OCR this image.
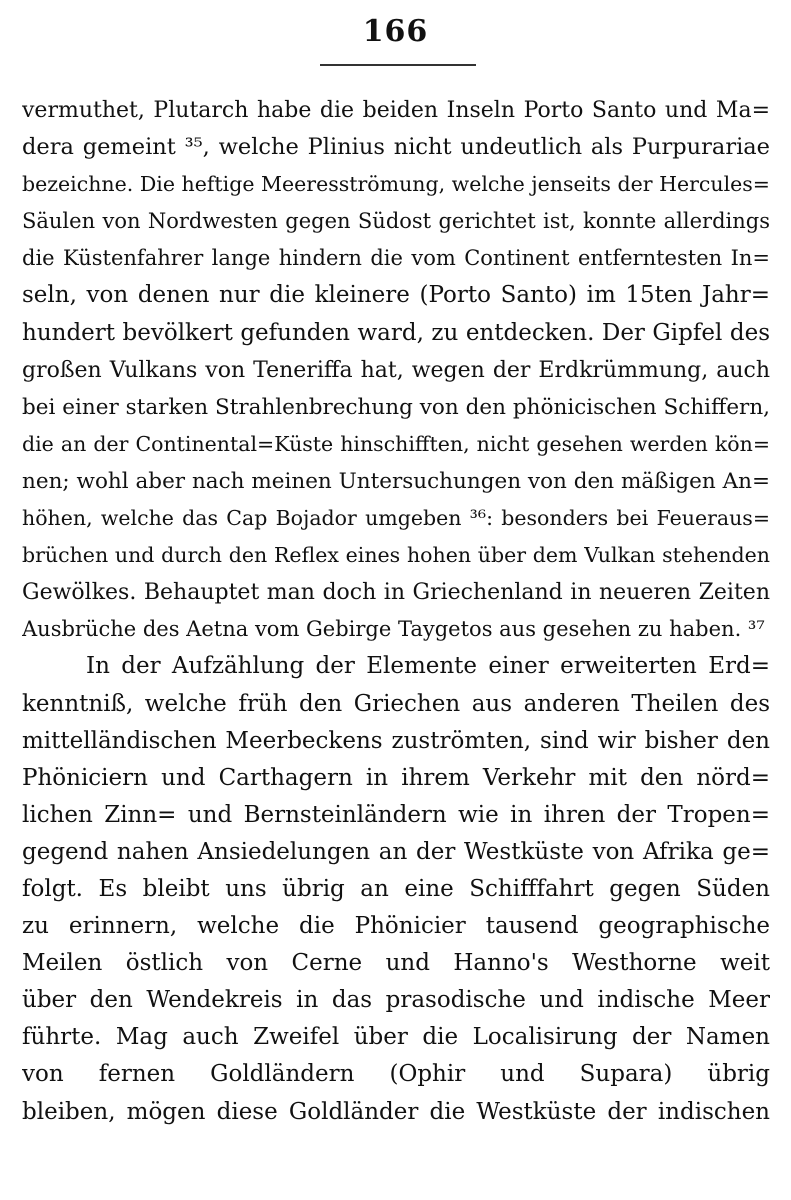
166
vermuthet, Plutarch habe die beiden Inseln Porto Santo und Ma=
dera gemeint ³⁵, welche Plinius nicht undeutlich als Purpurariae
bezeichne. Die heftige Meeresströmung, welche jenseits der Hercules=
Säulen von Nordwesten gegen Südost gerichtet ist, konnte allerdings
die Küstenfahrer lange hindern die vom Continent entferntesten In=
seln, von denen nur die kleinere (Porto Santo) im 15ten Jahr=
hundert bevölkert gefunden ward, zu entdecken. Der Gipfel des
großen Vulkans von Teneriffa hat, wegen der Erdkrümmung, auch
bei einer starken Strahlenbrechung von den phönicischen Schiffern,
die an der Continental=Küste hinschifften, nicht gesehen werden kön=
nen; wohl aber nach meinen Untersuchungen von den mäßigen An=
höhen, welche das Cap Bojador umgeben ³⁶: besonders bei Feueraus=
brüchen und durch den Reflex eines hohen über dem Vulkan stehenden
Gewölkes. Behauptet man doch in Griechenland in neueren Zeiten
Ausbrüche des Aetna vom Gebirge Taygetos aus gesehen zu haben. ³⁷
In der Aufzählung der Elemente einer erweiterten Erd=
kenntniß, welche früh den Griechen aus anderen Theilen des
mittelländischen Meerbeckens zuströmten, sind wir bisher den
Phöniciern und Carthagern in ihrem Verkehr mit den nörd=
lichen Zinn= und Bernsteinländern wie in ihren der Tropen=
gegend nahen Ansiedelungen an der Westküste von Afrika ge=
folgt. Es bleibt uns übrig an eine Schifffahrt gegen Süden
zu erinnern, welche die Phönicier tausend geographische
Meilen östlich von Cerne und Hanno's Westhorne weit
über den Wendekreis in das prasodische und indische Meer
führte. Mag auch Zweifel über die Localisirung der Namen
von fernen Goldländern (Ophir und Supara) übrig
bleiben, mögen diese Goldländer die Westküste der indischen
